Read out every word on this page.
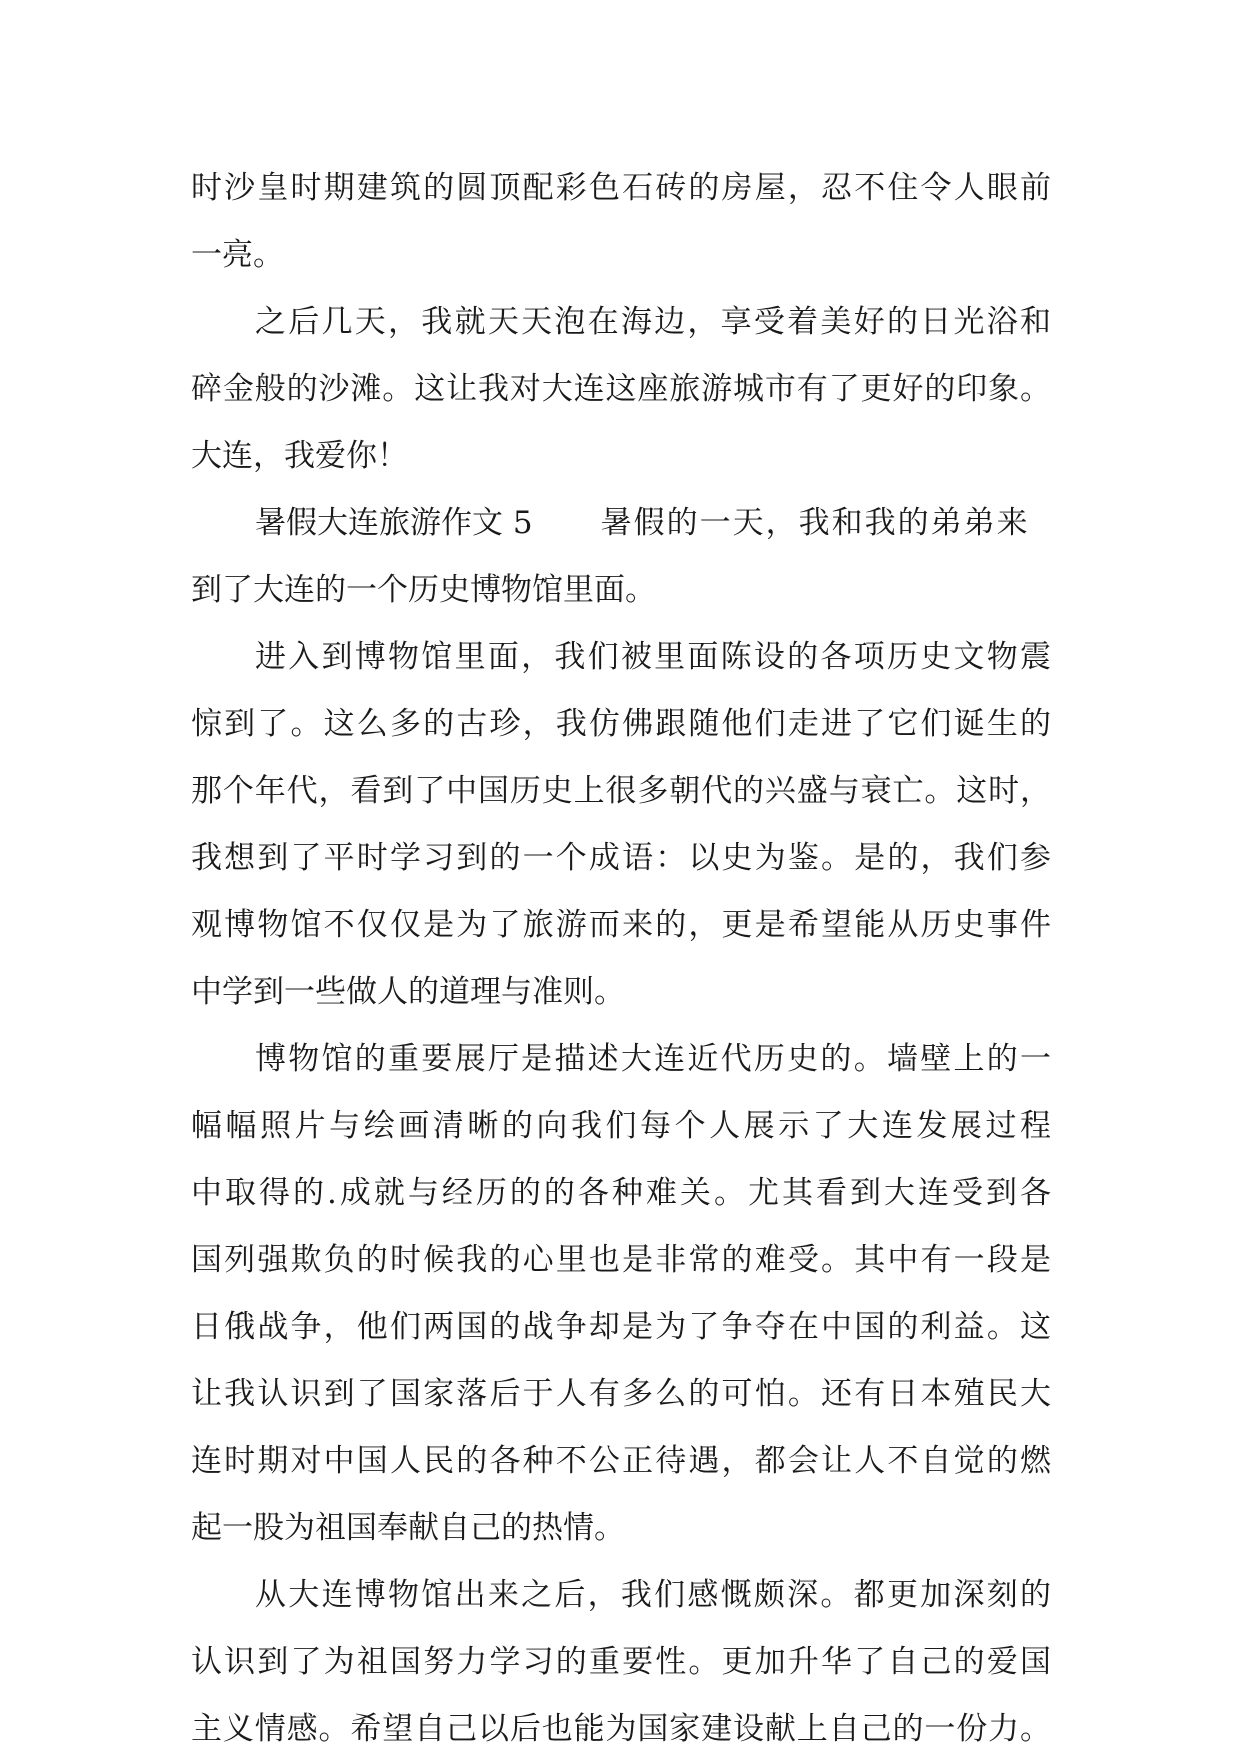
时沙皇时期建筑的圆顶配彩色石砖的房屋，忍不住令人眼前
一亮。
之后几天，我就天天泡在海边，享受着美好的日光浴和
碎金般的沙滩。这让我对大连这座旅游城市有了更好的印象。
大连，我爱你！
暑假大连旅游作文 5 暑假的一天，我和我的弟弟来
到了大连的一个历史博物馆里面。
进入到博物馆里面，我们被里面陈设的各项历史文物震
惊到了。这么多的古珍，我仿佛跟随他们走进了它们诞生的
那个年代，看到了中国历史上很多朝代的兴盛与衰亡。这时，
我想到了平时学习到的一个成语：以史为鉴。是的，我们参
观博物馆不仅仅是为了旅游而来的，更是希望能从历史事件
中学到一些做人的道理与准则。
博物馆的重要展厅是描述大连近代历史的。墙壁上的一
幅幅照片与绘画清晰的向我们每个人展示了大连发展过程
中取得的.成就与经历的的各种难关。尤其看到大连受到各
国列强欺负的时候我的心里也是非常的难受。其中有一段是
日俄战争，他们两国的战争却是为了争夺在中国的利益。这
让我认识到了国家落后于人有多么的可怕。还有日本殖民大
连时期对中国人民的各种不公正待遇，都会让人不自觉的燃
起一股为祖国奉献自己的热情。
从大连博物馆出来之后，我们感慨颇深。都更加深刻的
认识到了为祖国努力学习的重要性。更加升华了自己的爱国
主义情感。希望自己以后也能为国家建设献上自己的一份力。
